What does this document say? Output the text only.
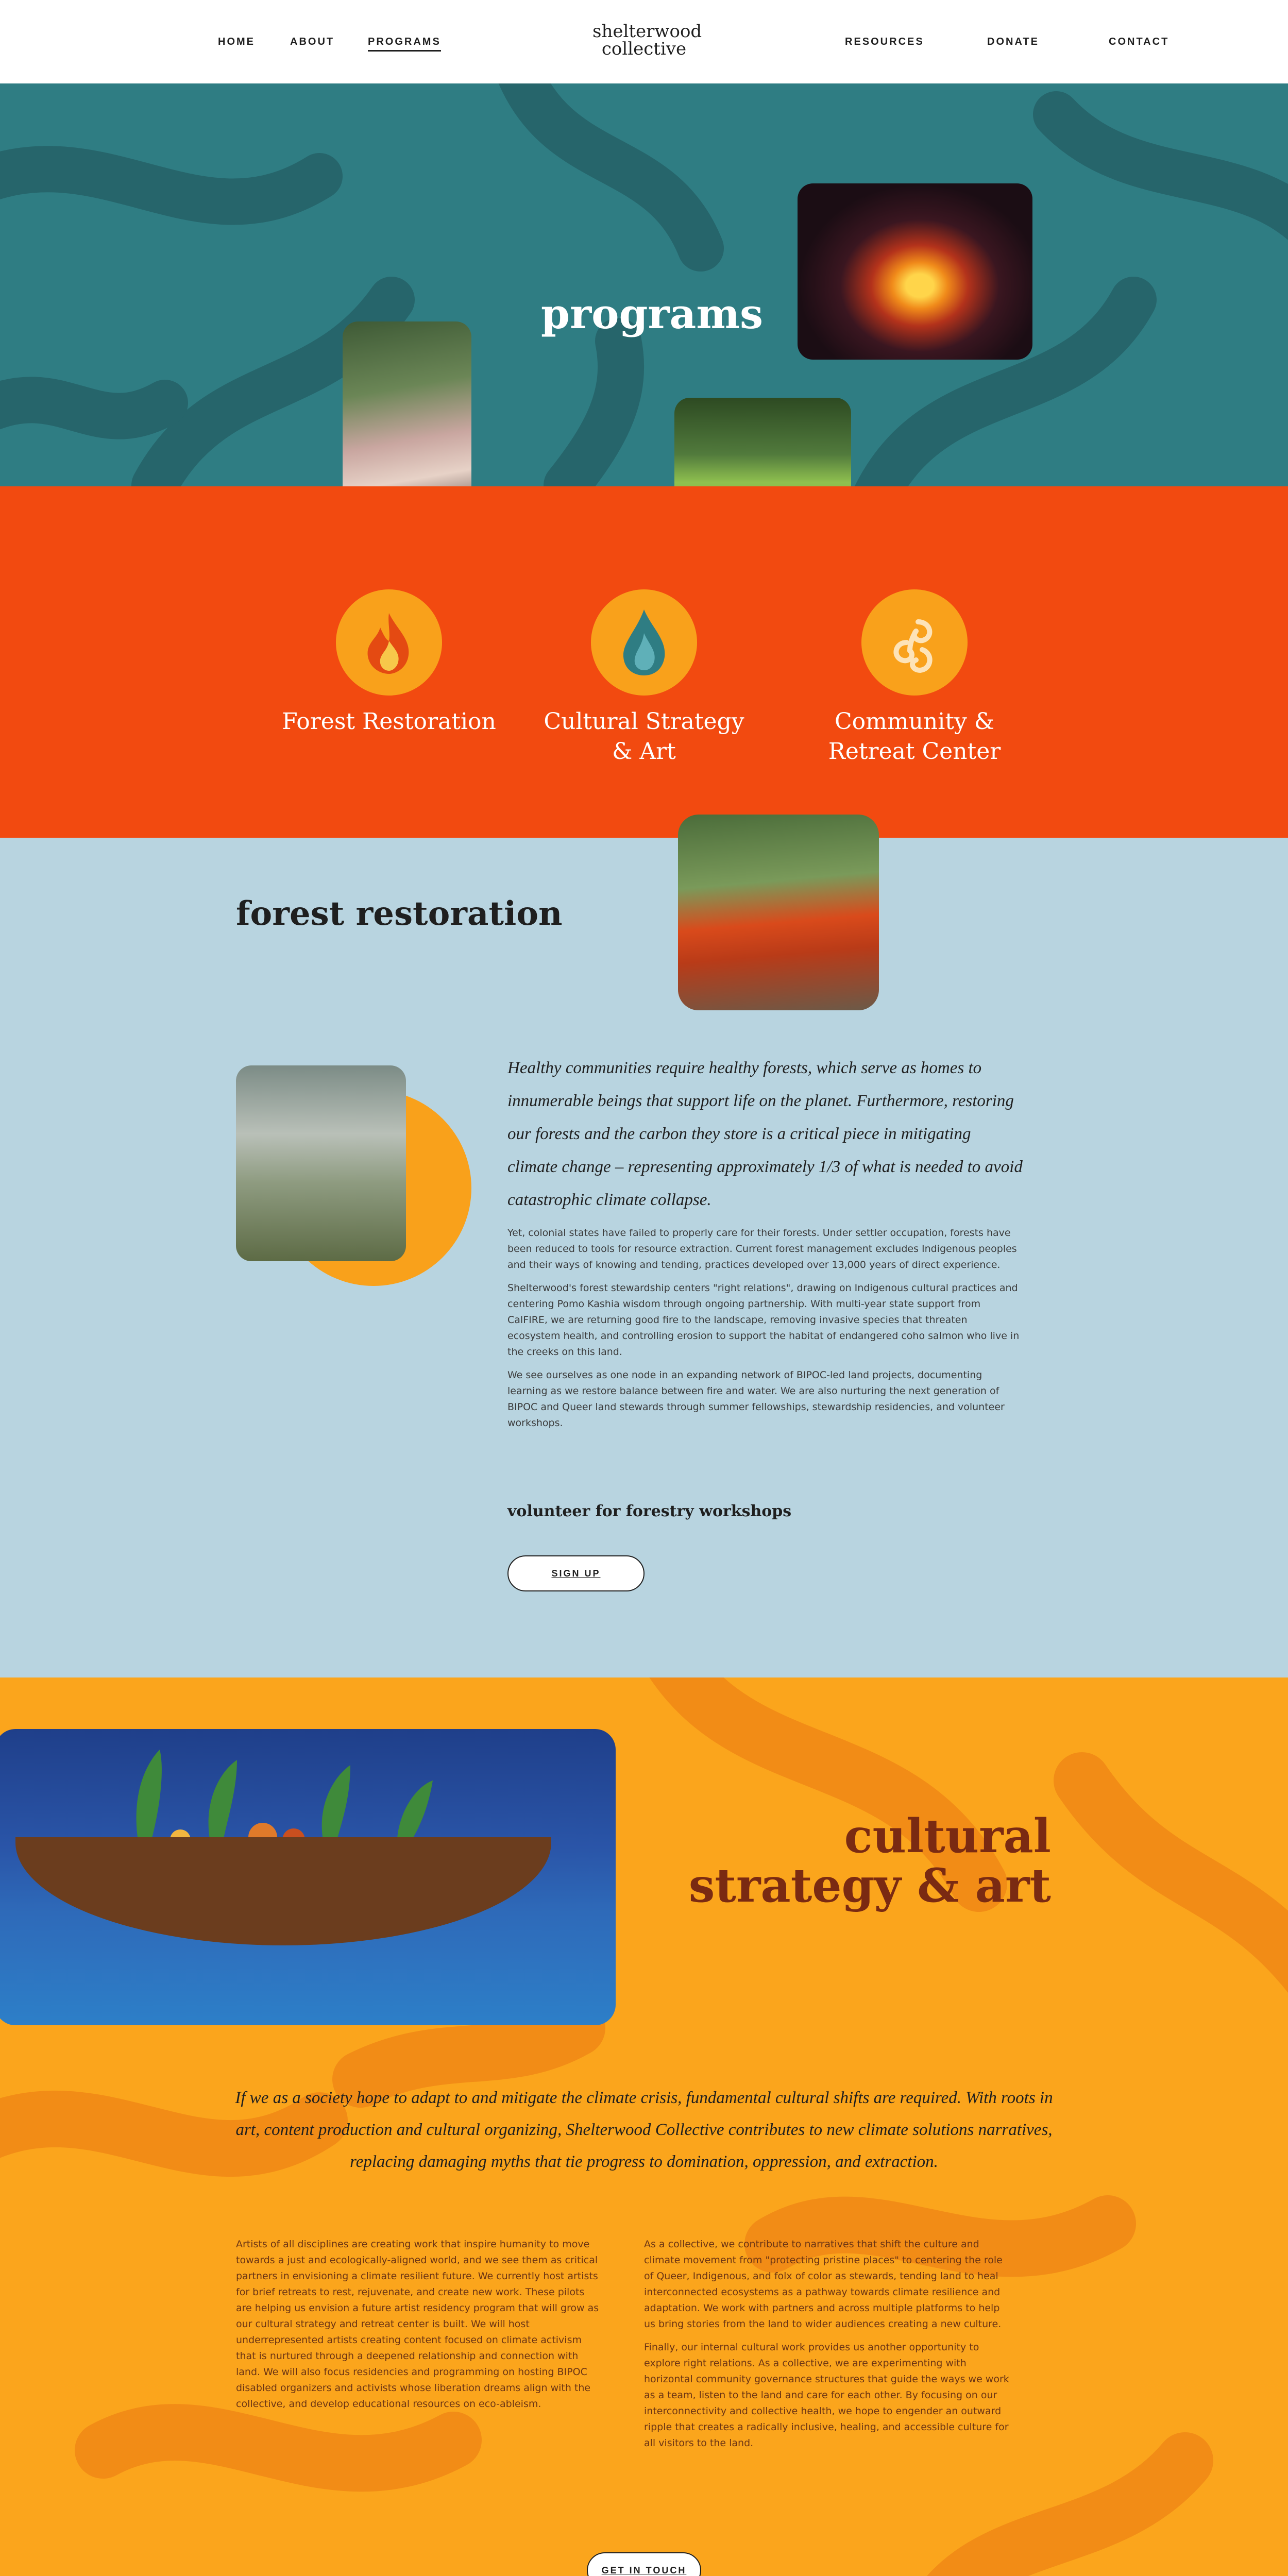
HOME	ABOUT	PROGRAMS	shelterwood collective	RESOURCES	DONATE	CONTACT
programs
Forest Restoration	Cultural Strategy & Art
Community & Retreat Center
forest restoration

Healthy communities require healthy forests, which serve as homes to innumerable beings that support life on the planet. Furthermore, restoring our forests and the carbon they store is a critical piece in mitigating climate change – representing approximately 1/3 of what is needed to avoid catastrophic climate collapse.

Yet, colonial states have failed to properly care for their forests. Under settler occupation, forests have been reduced to tools for resource extraction. Current forest management excludes Indigenous peoples and their ways of knowing and tending, practices developed over 13,000 years of direct experience.

Shelterwood's forest stewardship centers "right relations", drawing on Indigenous cultural practices and centering Pomo Kashia wisdom through ongoing partnership. With multi-year state support from CalFIRE, we are returning good fire to the landscape, removing invasive species that threaten ecosystem health, and controlling erosion to support the habitat of endangered coho salmon who live in the creeks on this land.

We see ourselves as one node in an expanding network of BIPOC-led land projects, documenting learning as we restore balance between fire and water. We are also nurturing the next generation of BIPOC and Queer land stewards through summer fellowships, stewardship residencies, and volunteer workshops.

volunteer for forestry workshops
SIGN UP
cultural strategy & art

If we as a society hope to adapt to and mitigate the climate crisis, fundamental cultural shifts are required. With roots in art, content production and cultural organizing, Shelterwood Collective contributes to new climate solutions narratives, replacing damaging myths that tie progress to domination, oppression, and extraction.

Artists of all disciplines are creating work that inspire humanity to move towards a just and ecologically-aligned world, and we see them as critical partners in envisioning a climate resilient future. We currently host artists for brief retreats to rest, rejuvenate, and create new work. These pilots are helping us envision a future artist residency program that will grow as our cultural strategy and retreat center is built. We will host underrepresented artists creating content focused on climate activism that is nurtured through a deepened relationship and connection with land. We will also focus residencies and programming on hosting BIPOC disabled organizers and activists whose liberation dreams align with the collective, and develop educational resources on eco-ableism.

As a collective, we contribute to narratives that shift the culture and climate movement from "protecting pristine places" to centering the role of Queer, Indigenous, and folx of color as stewards, tending land to heal interconnected ecosystems as a pathway towards climate resilience and adaptation. We work with partners and across multiple platforms to help us bring stories from the land to wider audiences creating a new culture.

Finally, our internal cultural work provides us another opportunity to explore right relations. As a collective, we are experimenting with horizontal community governance structures that guide the ways we work as a team, listen to the land and care for each other. By focusing on our interconnectivity and collective health, we hope to engender an outward ripple that creates a radically inclusive, healing, and accessible culture for all visitors to the land.

GET IN TOUCH
